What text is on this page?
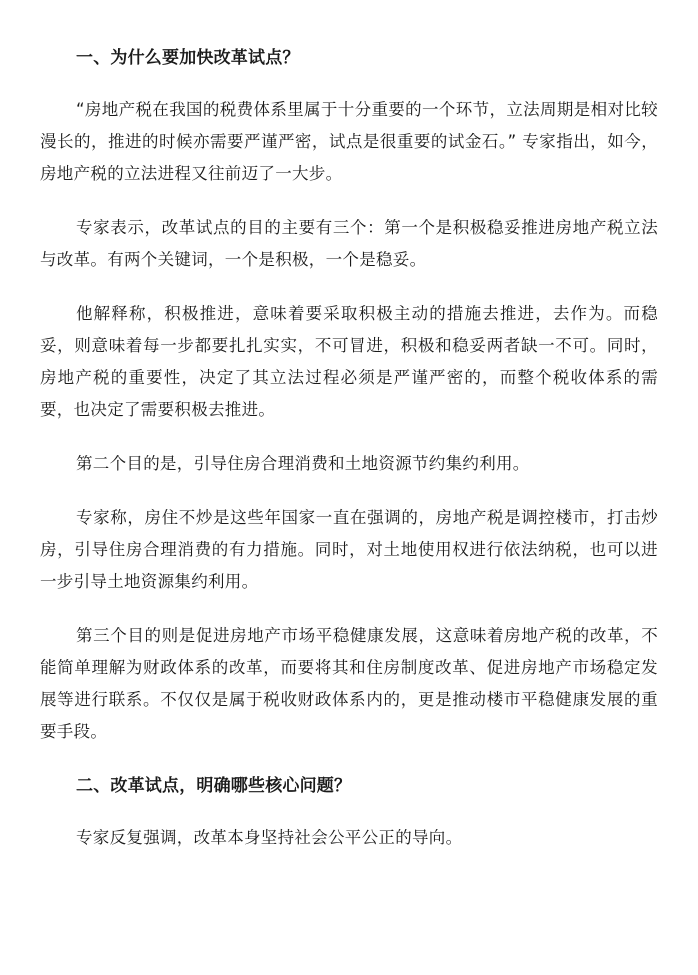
一、为什么要加快改革试点？

“房地产税在我国的税费体系里属于十分重要的一个环节，立法周期是相对比较漫长的，推进的时候亦需要严谨严密，试点是很重要的试金石。” 专家指出，如今，房地产税的立法进程又往前迈了一大步。

专家表示，改革试点的目的主要有三个：第一个是积极稳妥推进房地产税立法与改革。有两个关键词，一个是积极，一个是稳妥。

他解释称，积极推进，意味着要采取积极主动的措施去推进，去作为。而稳妥，则意味着每一步都要扎扎实实，不可冒进，积极和稳妥两者缺一不可。同时，房地产税的重要性，决定了其立法过程必须是严谨严密的，而整个税收体系的需要，也决定了需要积极去推进。

第二个目的是，引导住房合理消费和土地资源节约集约利用。

专家称，房住不炒是这些年国家一直在强调的，房地产税是调控楼市，打击炒房，引导住房合理消费的有力措施。同时，对土地使用权进行依法纳税，也可以进一步引导土地资源集约利用。

第三个目的则是促进房地产市场平稳健康发展，这意味着房地产税的改革，不能简单理解为财政体系的改革，而要将其和住房制度改革、促进房地产市场稳定发展等进行联系。不仅仅是属于税收财政体系内的，更是推动楼市平稳健康发展的重要手段。

二、改革试点，明确哪些核心问题？

专家反复强调，改革本身坚持社会公平公正的导向。
